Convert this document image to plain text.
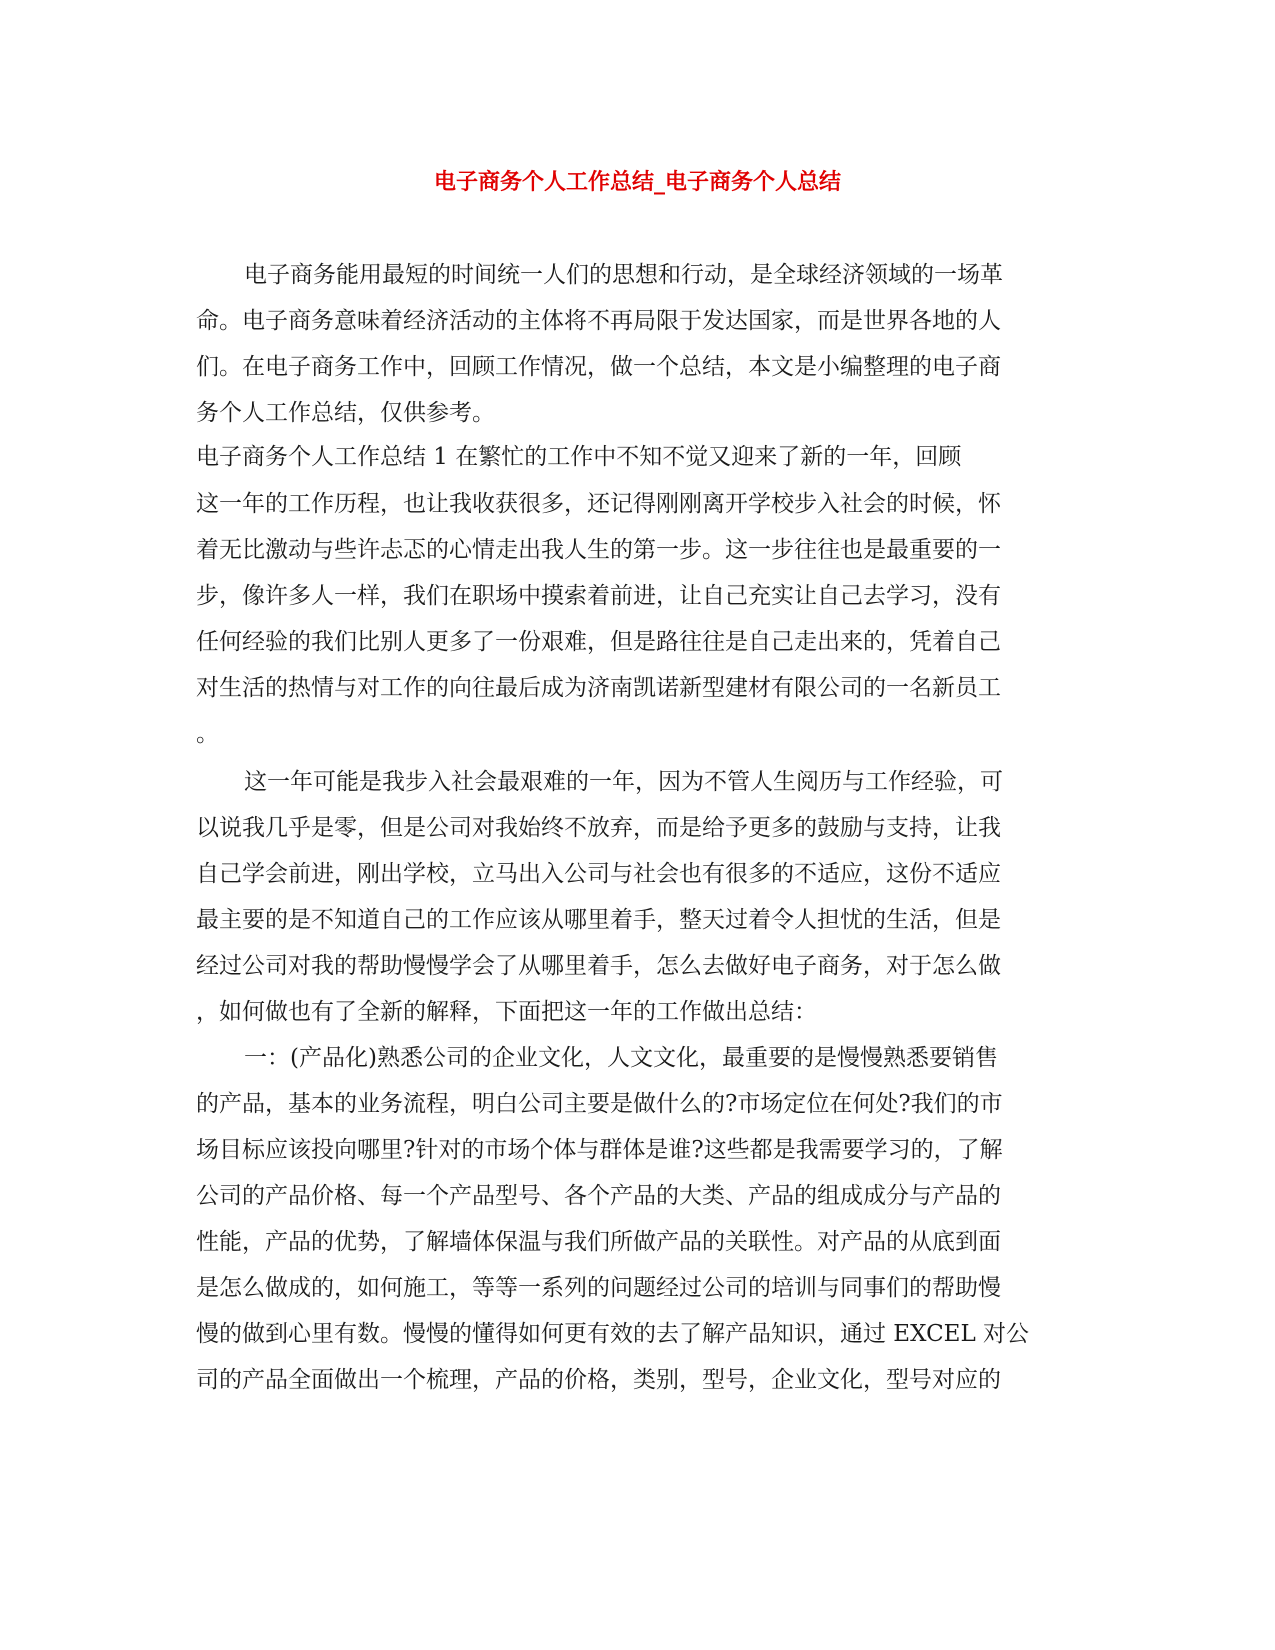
电子商务个人工作总结_电子商务个人总结
电子商务能用最短的时间统一人们的思想和行动，是全球经济领域的一场革
命。电子商务意味着经济活动的主体将不再局限于发达国家，而是世界各地的人
们。在电子商务工作中，回顾工作情况，做一个总结，本文是小编整理的电子商
务个人工作总结，仅供参考。
电子商务个人工作总结 1 在繁忙的工作中不知不觉又迎来了新的一年，回顾
这一年的工作历程，也让我收获很多，还记得刚刚离开学校步入社会的时候，怀
着无比激动与些许忐忑的心情走出我人生的第一步。这一步往往也是最重要的一
步，像许多人一样，我们在职场中摸索着前进，让自己充实让自己去学习，没有
任何经验的我们比别人更多了一份艰难，但是路往往是自己走出来的，凭着自己
对生活的热情与对工作的向往最后成为济南凯诺新型建材有限公司的一名新员工
。
这一年可能是我步入社会最艰难的一年，因为不管人生阅历与工作经验，可
以说我几乎是零，但是公司对我始终不放弃，而是给予更多的鼓励与支持，让我
自己学会前进，刚出学校，立马出入公司与社会也有很多的不适应，这份不适应
最主要的是不知道自己的工作应该从哪里着手，整天过着令人担忧的生活，但是
经过公司对我的帮助慢慢学会了从哪里着手，怎么去做好电子商务，对于怎么做
，如何做也有了全新的解释，下面把这一年的工作做出总结：
一：(产品化)熟悉公司的企业文化，人文文化，最重要的是慢慢熟悉要销售
的产品，基本的业务流程，明白公司主要是做什么的?市场定位在何处?我们的市
场目标应该投向哪里?针对的市场个体与群体是谁?这些都是我需要学习的，了解
公司的产品价格、每一个产品型号、各个产品的大类、产品的组成成分与产品的
性能，产品的优势，了解墙体保温与我们所做产品的关联性。对产品的从底到面
是怎么做成的，如何施工，等等一系列的问题经过公司的培训与同事们的帮助慢
慢的做到心里有数。慢慢的懂得如何更有效的去了解产品知识，通过 EXCEL 对公
司的产品全面做出一个梳理，产品的价格，类别，型号，企业文化，型号对应的
